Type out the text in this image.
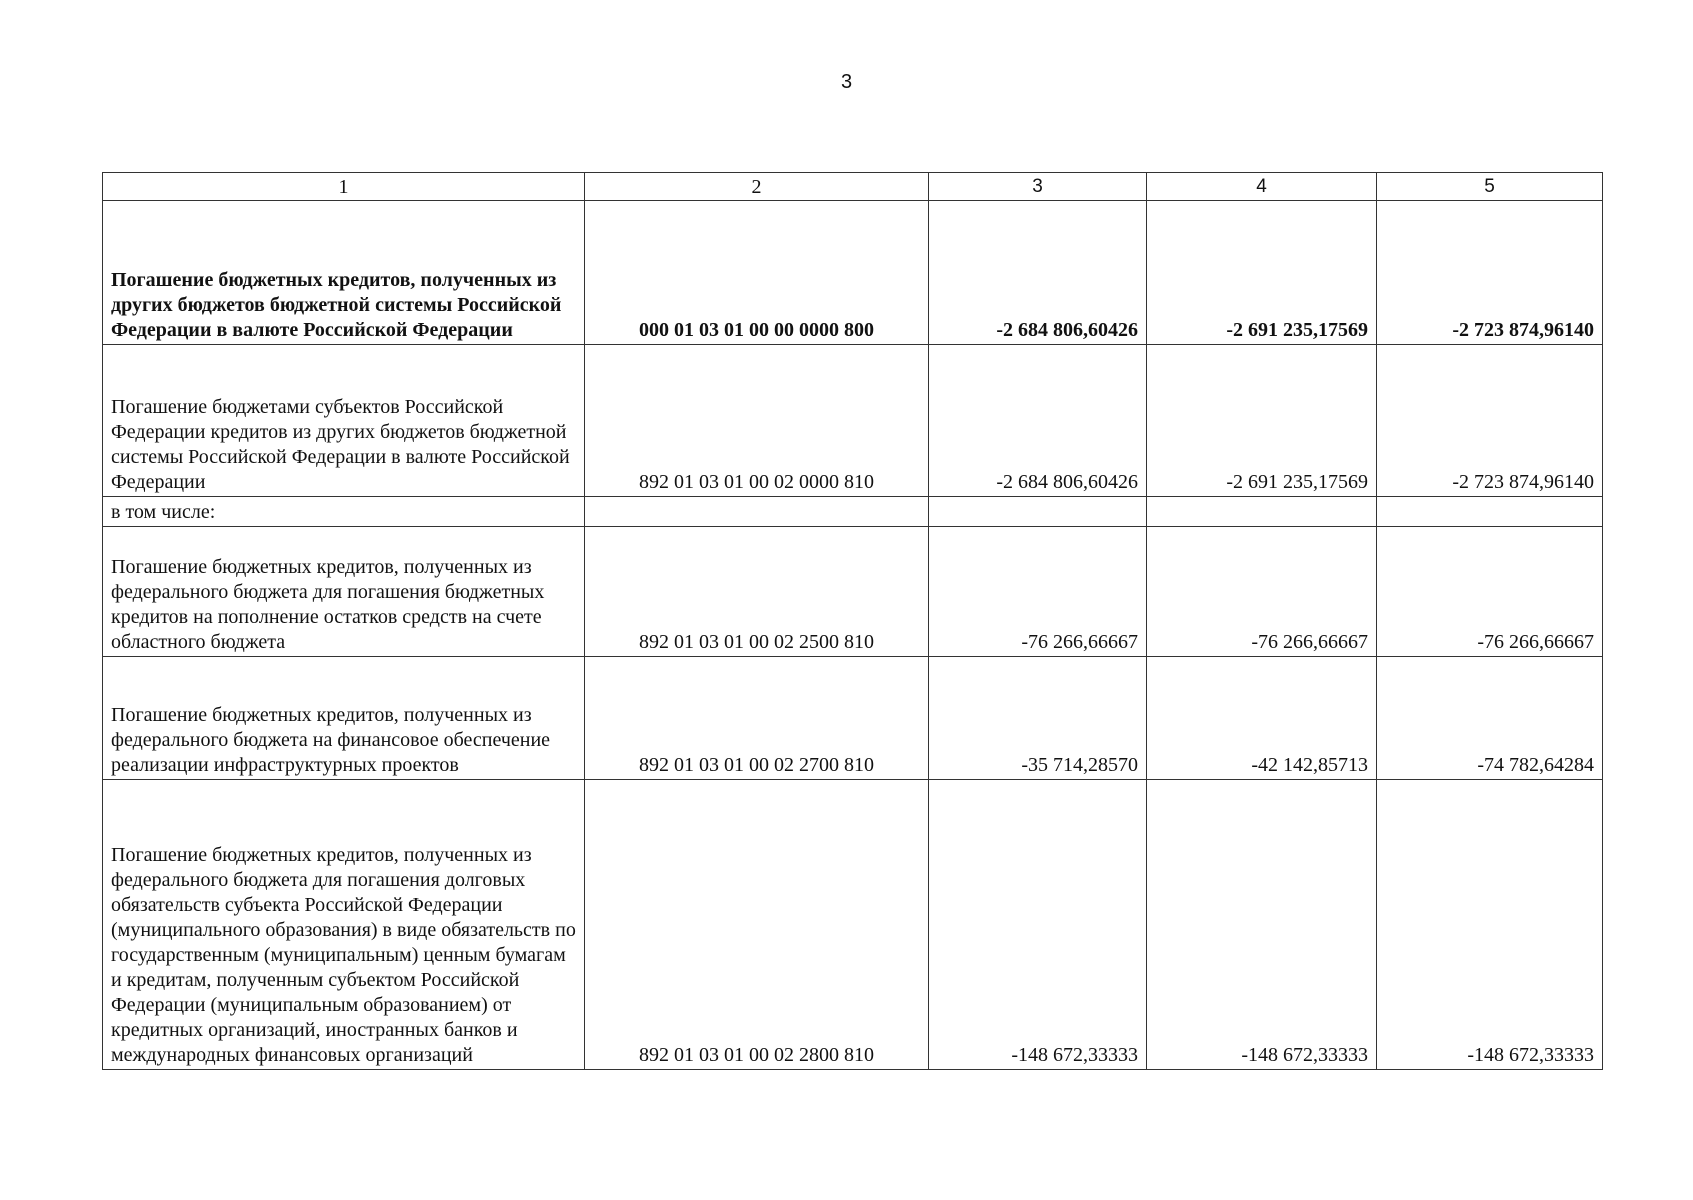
3
1	2	3	4	5
Погашение бюджетных кредитов, полученных из других бюджетов бюджетной системы Российской Федерации в валюте Российской Федерации	000 01 03 01 00 00 0000 800	-2 684 806,60426	-2 691 235,17569	-2 723 874,96140
Погашение бюджетами субъектов Российской Федерации кредитов из других бюджетов бюджетной системы Российской Федерации в валюте Российской Федерации	892 01 03 01 00 02 0000 810	-2 684 806,60426	-2 691 235,17569	-2 723 874,96140
в том числе:				
Погашение бюджетных кредитов, полученных из федерального бюджета для погашения бюджетных кредитов на пополнение остатков средств на счете областного бюджета	892 01 03 01 00 02 2500 810	-76 266,66667	-76 266,66667	-76 266,66667
Погашение бюджетных кредитов, полученных из федерального бюджета на финансовое обеспечение реализации инфраструктурных проектов	892 01 03 01 00 02 2700 810	-35 714,28570	-42 142,85713	-74 782,64284
Погашение бюджетных кредитов, полученных из федерального бюджета для погашения долговых обязательств субъекта Российской Федерации (муниципального образования) в виде обязательств по государственным (муниципальным) ценным бумагам и кредитам, полученным субъектом Российской Федерации (муниципальным образованием) от кредитных организаций, иностранных банков и международных финансовых организаций	892 01 03 01 00 02 2800 810	-148 672,33333	-148 672,33333	-148 672,33333
